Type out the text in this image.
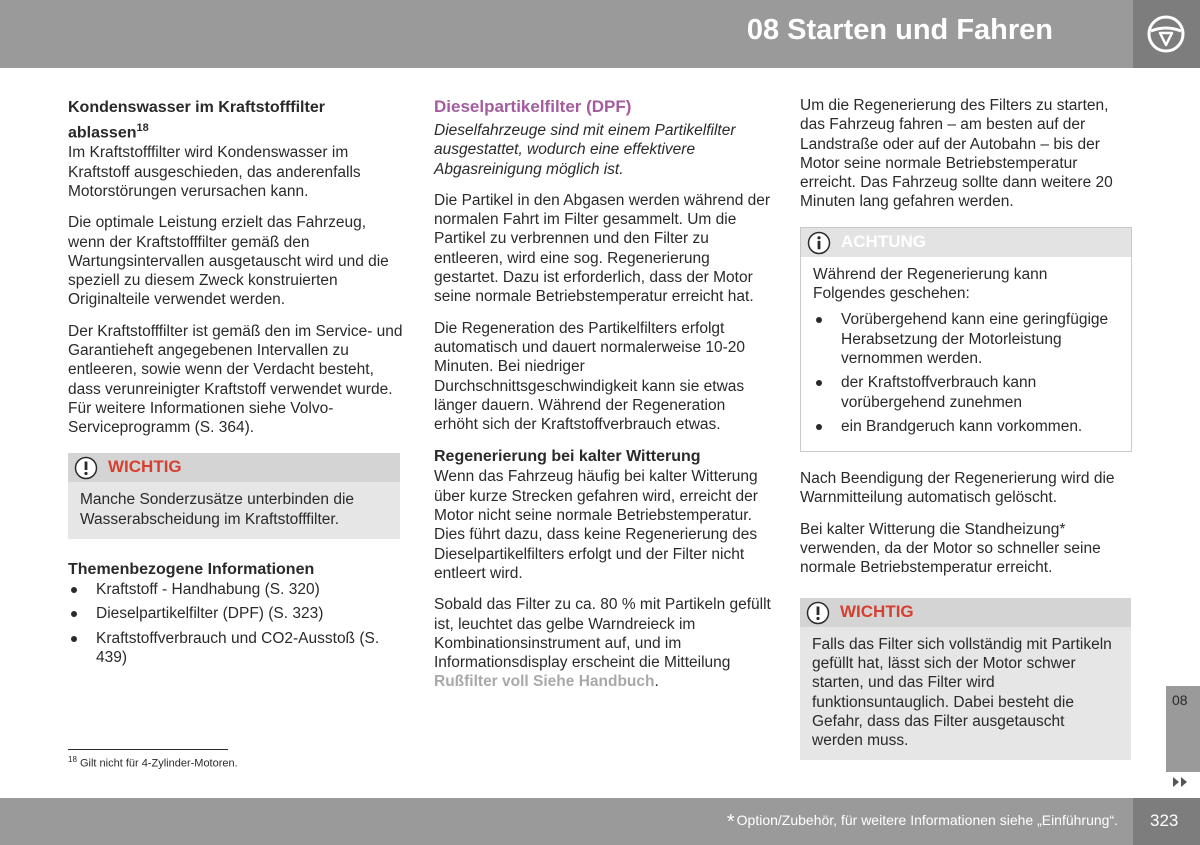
08 Starten und Fahren
Kondenswasser im Kraftstofffilter
ablassen$^{18}$

Im Kraftstofffilter wird Kondenswasser im Kraftstoff ausgeschieden, das anderenfalls Motorstörungen verursachen kann.

Die optimale Leistung erzielt das Fahrzeug, wenn der Kraftstofffilter gemäß den Wartungsintervallen ausgetauscht wird und die speziell zu diesem Zweck konstruierten Originalteile verwendet werden.

Der Kraftstofffilter ist gemäß den im Service- und Garantieheft angegebenen Intervallen zu entleeren, sowie wenn der Verdacht besteht, dass verunreinigter Kraftstoff verwendet wurde. Für weitere Informationen siehe Volvo-Serviceprogramm (S. 364).

WICHTIG

Manche Sonderzusätze unterbinden die Wasserabscheidung im Kraftstofffilter.

Themenbezogene Informationen
Kraftstoff - Handhabung (S. 320)
Dieselpartikelfilter (DPF) (S. 323)
Kraftstoffverbrauch und CO2-Ausstoß (S. 439)
Dieselpartikelfilter (DPF)

Dieselfahrzeuge sind mit einem Partikelfilter ausgestattet, wodurch eine effektivere Abgasreinigung möglich ist.

Die Partikel in den Abgasen werden während der normalen Fahrt im Filter gesammelt. Um die Partikel zu verbrennen und den Filter zu entleeren, wird eine sog. Regenerierung gestartet. Dazu ist erforderlich, dass der Motor seine normale Betriebstemperatur erreicht hat.

Die Regeneration des Partikelfilters erfolgt automatisch und dauert normalerweise 10-20 Minuten. Bei niedriger Durchschnittsgeschwindigkeit kann sie etwas länger dauern. Während der Regeneration erhöht sich der Kraftstoffverbrauch etwas.

Regenerierung bei kalter Witterung

Wenn das Fahrzeug häufig bei kalter Witterung über kurze Strecken gefahren wird, erreicht der Motor nicht seine normale Betriebstemperatur. Dies führt dazu, dass keine Regenerierung des Dieselpartikelfilters erfolgt und der Filter nicht entleert wird.

Sobald das Filter zu ca. 80 % mit Partikeln gefüllt ist, leuchtet das gelbe Warndreieck im Kombinationsinstrument auf, und im Informationsdisplay erscheint die Mitteilung Rußfilter voll Siehe Handbuch.

Um die Regenerierung des Filters zu starten, das Fahrzeug fahren – am besten auf der Landstraße oder auf der Autobahn – bis der Motor seine normale Betriebstemperatur erreicht. Das Fahrzeug sollte dann weitere 20 Minuten lang gefahren werden.

ACHTUNG

Während der Regenerierung kann Folgendes geschehen:

Vorübergehend kann eine geringfügige Herabsetzung der Motorleistung vernommen werden.
der Kraftstoffverbrauch kann vorübergehend zunehmen
ein Brandgeruch kann vorkommen.

Nach Beendigung der Regenerierung wird die Warnmitteilung automatisch gelöscht.

Bei kalter Witterung die Standheizung* verwenden, da der Motor so schneller seine normale Betriebstemperatur erreicht.

WICHTIG

Falls das Filter sich vollständig mit Partikeln gefüllt hat, lässt sich der Motor schwer starten, und das Filter wird funktionsuntauglich. Dabei besteht die Gefahr, dass das Filter ausgetauscht werden muss.

$^{18}$ Gilt nicht für 4-Zylinder-Motoren.
08
* Option/Zubehör, für weitere Informationen siehe „Einführung“. 323
